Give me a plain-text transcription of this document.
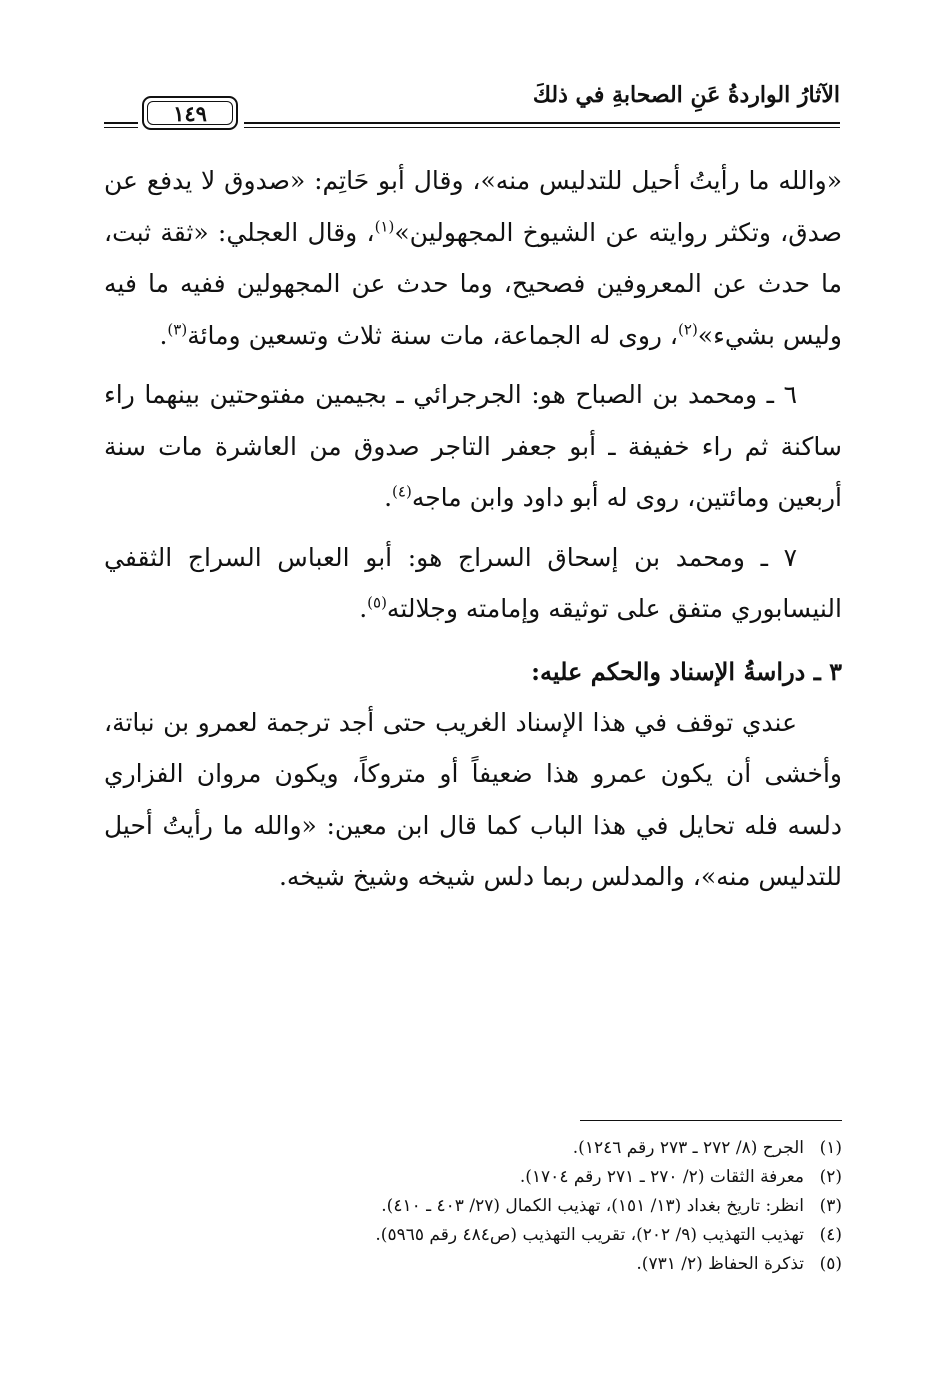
الآثارُ الواردةُ عَنِ الصحابةِ في ذلكَ
١٤٩

«والله ما رأيتُ أحيل للتدليس منه»، وقال أبو حَاتِم: «صدوق لا يدفع عن صدق، وتكثر روايته عن الشيوخ المجهولين»$^{(١)}$، وقال العجلي: «ثقة ثبت، ما حدث عن المعروفين فصحيح، وما حدث عن المجهولين ففيه ما فيه وليس بشيء»$^{(٢)}$، روى له الجماعة، مات سنة ثلاث وتسعين ومائة$^{(٣)}$.

٦ ـ ومحمد بن الصباح هو: الجرجرائي ـ بجيمين مفتوحتين بينهما راء ساكنة ثم راء خفيفة ـ أبو جعفر التاجر صدوق من العاشرة مات سنة أربعين ومائتين، روى له أبو داود وابن ماجه$^{(٤)}$.

٧ ـ ومحمد بن إسحاق السراج هو: أبو العباس السراج الثقفي النيسابوري متفق على توثيقه وإمامته وجلالته$^{(٥)}$.

٣ ـ دراسةُ الإسناد والحكم عليه:

عندي توقف في هذا الإسناد الغريب حتى أجد ترجمة لعمرو بن نباتة، وأخشى أن يكون عمرو هذا ضعيفاً أو متروكاً، ويكون مروان الفزاري دلسه فله تحايل في هذا الباب كما قال ابن معين: «والله ما رأيتُ أحيل للتدليس منه»، والمدلس ربما دلس شيخه وشيخ شيخه.

(١)
الجرح (٨/ ٢٧٢ ـ ٢٧٣ رقم ١٢٤٦).
(٢)
معرفة الثقات (٢/ ٢٧٠ ـ ٢٧١ رقم ١٧٠٤).
(٣)
انظر: تاريخ بغداد (١٣/ ١٥١)، تهذيب الكمال (٢٧/ ٤٠٣ ـ ٤١٠).
(٤)
تهذيب التهذيب (٩/ ٢٠٢)، تقريب التهذيب (ص٤٨٤ رقم ٥٩٦٥).
(٥)
تذكرة الحفاظ (٢/ ٧٣١).
